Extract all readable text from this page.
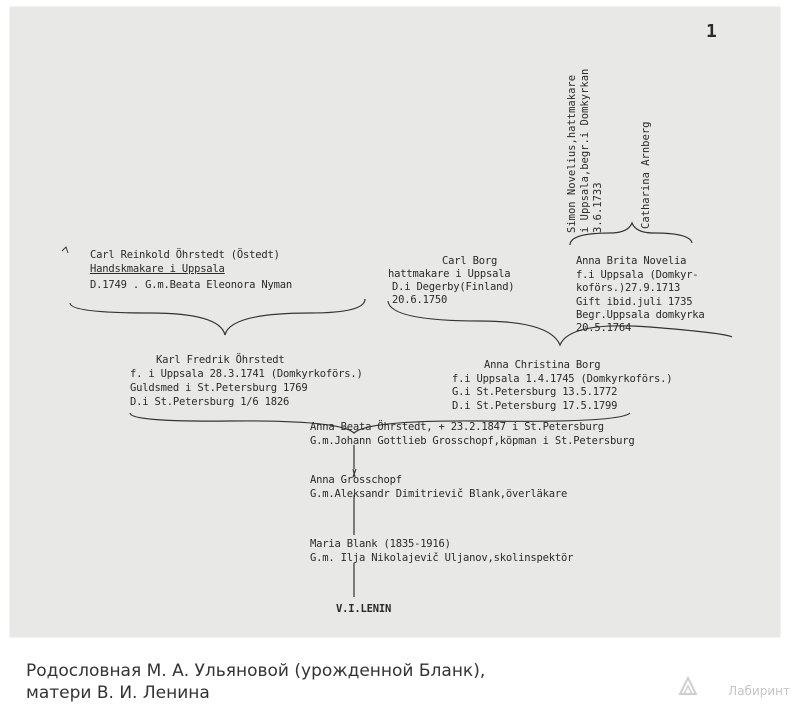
1
Simon Novelius,hattmakare i Uppsala,begr.i Domkyrkan 3.6.1733	Catharina Arnberg
Carl Reinkold Öhrstedt (Östedt)
Handskmakare i Uppsala
D.1749 . G.m.Beata Eleonora Nyman
Carl Borg
hattmakare i Uppsala
D.i Degerby(Finland)
20.6.1750
Anna Brita Novelia
f.i Uppsala (Domkyr-
koförs.)27.9.1713
Gift ibid.juli 1735
Begr.Uppsala domkyrka
20.5.1764
Karl Fredrik Öhrstedt
f. i Uppsala 28.3.1741 (Domkyrkoförs.)
Guldsmed i St.Petersburg 1769
D.i St.Petersburg 1/6 1826
Anna Christina Borg
f.i Uppsala 1.4.1745 (Domkyrkoförs.)
G.i St.Petersburg 13.5.1772
D.i St.Petersburg 17.5.1799
Anna Beata Öhrstedt, + 23.2.1847 i St.Petersburg
G.m.Johann Gottlieb Grosschopf,köpman i St.Petersburg
Anna Grosschopf
G.m.Aleksandr Dimitrievič Blank,överläkare
Maria Blank (1835-1916)
G.m. Ilja Nikolajevič Uljanov,skolinspektör
V.I.LENIN
Родословная М. А. Ульяновой (урожденной Бланк),
матери В. И. Ленина	Лабиринт
